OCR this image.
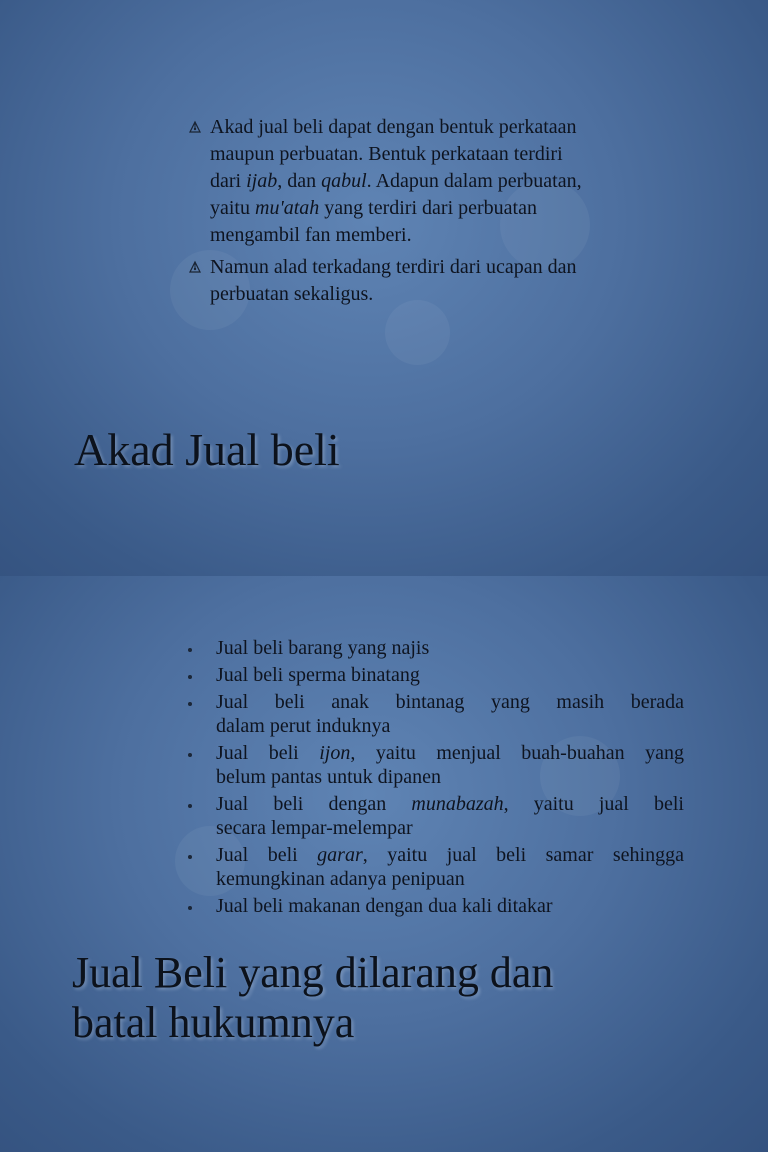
Akad jual beli dapat dengan bentuk perkataan
maupun perbuatan. Bentuk perkataan terdiri
dari ijab, dan qabul. Adapun dalam perbuatan,
yaitu mu'atah yang terdiri dari perbuatan
mengambil fan memberi.
Namun alad terkadang terdiri dari ucapan dan
perbuatan sekaligus.
Akad Jual beli
Jual beli barang yang najis
Jual beli sperma binatang
Jual beli anak bintanag yang masih berada
dalam perut induknya
Jual beli ijon, yaitu menjual buah-buahan yang
belum pantas untuk dipanen
Jual beli dengan munabazah, yaitu jual beli
secara lempar-melempar
Jual beli garar, yaitu jual beli samar sehingga
kemungkinan adanya penipuan
Jual beli makanan dengan dua kali ditakar
Jual Beli yang dilarang dan
batal hukumnya
